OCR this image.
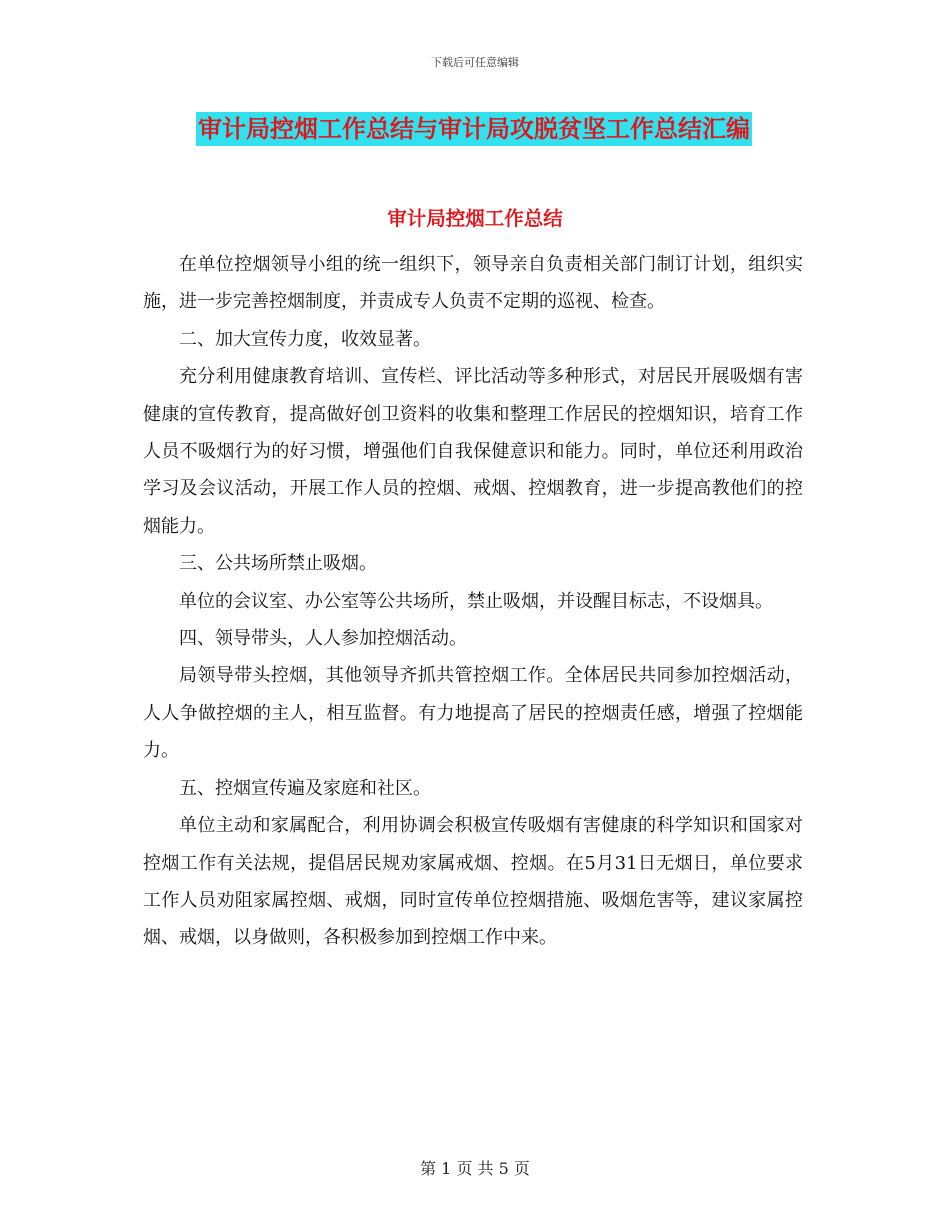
下载后可任意编辑
审计局控烟工作总结与审计局攻脱贫坚工作总结汇编
审计局控烟工作总结

在单位控烟领导小组的统一组织下，领导亲自负责相关部门制订计划，组织实施，进一步完善控烟制度，并责成专人负责不定期的巡视、检查。

二、加大宣传力度，收效显著。

充分利用健康教育培训、宣传栏、评比活动等多种形式，对居民开展吸烟有害健康的宣传教育，提高做好创卫资料的收集和整理工作居民的控烟知识，培育工作人员不吸烟行为的好习惯，增强他们自我保健意识和能力。同时，单位还利用政治学习及会议活动，开展工作人员的控烟、戒烟、控烟教育，进一步提高教他们的控烟能力。

三、公共场所禁止吸烟。

单位的会议室、办公室等公共场所，禁止吸烟，并设醒目标志，不设烟具。

四、领导带头，人人参加控烟活动。

局领导带头控烟，其他领导齐抓共管控烟工作。全体居民共同参加控烟活动，人人争做控烟的主人，相互监督。有力地提高了居民的控烟责任感，增强了控烟能力。

五、控烟宣传遍及家庭和社区。

单位主动和家属配合，利用协调会积极宣传吸烟有害健康的科学知识和国家对控烟工作有关法规，提倡居民规劝家属戒烟、控烟。在5月31日无烟日，单位要求工作人员劝阻家属控烟、戒烟，同时宣传单位控烟措施、吸烟危害等，建议家属控烟、戒烟，以身做则，各积极参加到控烟工作中来。

第 1 页 共 5 页
